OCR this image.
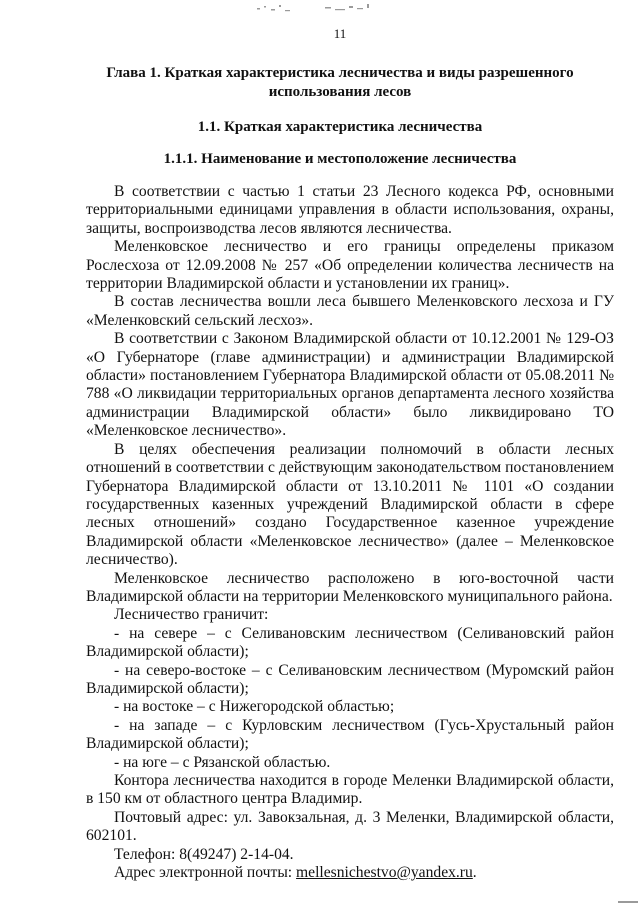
11
Глава 1. Краткая характеристика лесничества и виды разрешенного использования лесов
1.1. Краткая характеристика лесничества
1.1.1. Наименование и местоположение лесничества

В соответствии с частью 1 статьи 23 Лесного кодекса РФ, основными территориальными единицами управления в области использования, охраны, защиты, воспроизводства лесов являются лесничества.

Меленковское лесничество и его границы определены приказом Рослесхоза от 12.09.2008 № 257 «Об определении количества лесничеств на территории Владимирской области и установлении их границ».

В состав лесничества вошли леса бывшего Меленковского лесхоза и ГУ «Меленковский сельский лесхоз».

В соответствии с Законом Владимирской области от 10.12.2001 № 129-ОЗ «О Губернаторе (главе администрации) и администрации Владимирской области» постановлением Губернатора Владимирской области от 05.08.2011 № 788 «О ликвидации территориальных органов департамента лесного хозяйства администрации Владимирской области» было ликвидировано ТО «Меленковское лесничество».

В целях обеспечения реализации полномочий в области лесных отношений в соответствии с действующим законодательством постановлением Губернатора Владимирской области от 13.10.2011 № 1101 «О создании государственных казенных учреждений Владимирской области в сфере лесных отношений» создано Государственное казенное учреждение Владимирской области «Меленковское лесничество» (далее – Меленковское лесничество).

Меленковское лесничество расположено в юго-восточной части Владимирской области на территории Меленковского муниципального района.

Лесничество граничит:

- на севере – с Селивановским лесничеством (Селивановский район Владимирской области);

- на северо-востоке – с Селивановским лесничеством (Муромский район Владимирской области);

- на востоке – с Нижегородской областью;

- на западе – с Курловским лесничеством (Гусь-Хрустальный район Владимирской области);

- на юге – с Рязанской областью.

Контора лесничества находится в городе Меленки Владимирской области, в 150 км от областного центра Владимир.

Почтовый адрес: ул. Завокзальная, д. 3 Меленки, Владимирской области, 602101.

Телефон: 8(49247) 2-14-04.

Адрес электронной почты: mellesnichestvo@yandex.ru.
